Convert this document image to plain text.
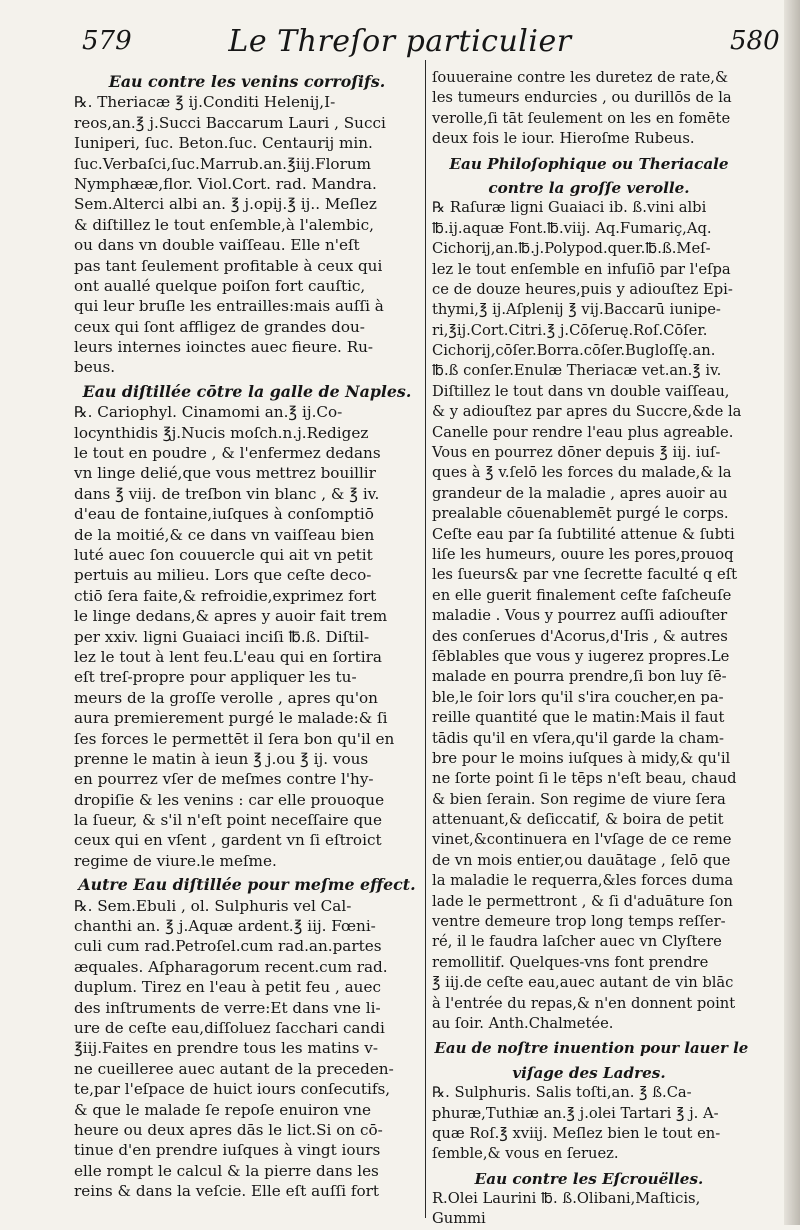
579	Le Threſor particulier	580
Eau contre les venins corroſifs.
℞. Theriacæ ℥ ij.Conditi Helenij,I-
reos,an.℥ j.Succi Baccarum Lauri , Succi
Iuniperi, ſuc. Beton.ſuc. Centaurij min.
ſuc.Verbaſci,ſuc.Marrub.an.℥iij.Florum
Nymphææ,flor. Viol.Cort. rad. Mandra.
Sem.Alterci albi an. ℥ j.opij.℥ ij.. Meſlez
& diſtillez le tout enſemble,à l'alembic,
ou dans vn double vaiſſeau. Elle n'eſt
pas tant ſeulement profitable à ceux qui
ont auallé quelque poiſon fort cauſtic,
qui leur bruſle les entrailles:mais auſſi à
ceux qui ſont affligez de grandes dou-
leurs internes ioinctes auec fieure. Ru-
beus.
Eau diſtillée cōtre la galle de Naples.
℞. Cariophyl. Cinamomi an.℥ ij.Co-
locynthidis ℥j.Nucis moſch.n.j.Redigez
le tout en poudre , & l'enfermez dedans
vn linge delié,que vous mettrez bouillir
dans ℥ viij. de treſbon vin blanc , & ℥ iv.
d'eau de fontaine,iuſques à conſomptiō
de la moitié,& ce dans vn vaiſſeau bien
luté auec ſon couuercle qui ait vn petit
pertuis au milieu. Lors que ceſte deco-
ctiō ſera faite,& refroidie,exprimez fort
le linge dedans,& apres y auoir fait trem
per xxiv. ligni Guaiaci inciſi ℔.ß. Diſtil-
lez le tout à lent feu.L'eau qui en ſortira
eſt treſ-propre pour appliquer les tu-
meurs de la groſſe verolle , apres qu'on
aura premierement purgé le malade:& ſi
ſes forces le permettēt il ſera bon qu'il en
prenne le matin à ieun ℥ j.ou ℥ ij. vous
en pourrez vſer de meſmes contre l'hy-
dropiſie & les venins : car elle prouoque
la ſueur, & s'il n'eſt point neceſſaire que
ceux qui en vſent , gardent vn ſi eſtroict
regime de viure.le meſme.
Autre Eau diſtillée pour meſme effect.
℞. Sem.Ebuli , ol. Sulphuris vel Cal-
chanthi an. ℥ j.Aquæ ardent.℥ iij. Fœni-
culi cum rad.Petroſel.cum rad.an.partes
æquales. Aſpharagorum recent.cum rad.
duplum. Tirez en l'eau à petit feu , auec
des inſtruments de verre:Et dans vne li-
ure de ceſte eau,diſſoluez ſacchari candi
℥iij.Faites en prendre tous les matins v-
ne cueilleree auec autant de la preceden-
te,par l'eſpace de huict iours conſecutifs,
& que le malade ſe repoſe enuiron vne
heure ou deux apres dās le lict.Si on cō-
tinue d'en prendre iuſques à vingt iours
elle rompt le calcul & la pierre dans les
reins & dans la veſcie. Elle eſt auſſi fort
ſouueraine contre les duretez de rate,&
les tumeurs endurcies , ou durillōs de la
verolle,ſi tāt ſeulement on les en fomēte
deux fois le iour. Hieroſme Rubeus.
Eau Philoſophique ou Theriacale
contre la groſſe verolle.
℞ Raſuræ ligni Guaiaci ib. ß.vini albi
℔.ij.aquæ Font.℔.viij. Aq.Fumariç,Aq.
Cichorij,an.℔.j.Polypod.quer.℔.ß.Meſ-
lez le tout enſemble en infuſiō par l'eſpa
ce de douze heures,puis y adiouſtez Epi-
thymi,℥ ij.Aſplenij ℥ vij.Baccarū iunipe-
ri,℥ij.Cort.Citri.℥ j.Cōſeruę.Roſ.Cōſer.
Cichorij,cōſer.Borra.cōſer.Bugloſſę.an.
℔.ß conſer.Enulæ Theriacæ vet.an.℥ iv.
Diſtillez le tout dans vn double vaiſſeau,
& y adiouſtez par apres du Succre,&de la
Canelle pour rendre l'eau plus agreable.
Vous en pourrez dōner depuis ℥ iij. iuſ-
ques à ℥ v.ſelō les forces du malade,& la
grandeur de la maladie , apres auoir au
prealable cōuenablemēt purgé le corps.
Ceſte eau par ſa ſubtilité attenue & ſubti
liſe les humeurs, ouure les pores,prouoq
les ſueurs& par vne ſecrette faculté q eſt
en elle guerit finalement ceſte faſcheuſe
maladie . Vous y pourrez auſſi adiouſter
des conſerues d'Acorus,d'Iris , & autres
ſēblables que vous y iugerez propres.Le
malade en pourra prendre,ſi bon luy ſē-
ble,le ſoir lors qu'il s'ira coucher,en pa-
reille quantité que le matin:Mais il faut
tādis qu'il en vſera,qu'il garde la cham-
bre pour le moins iuſques à midy,& qu'il
ne ſorte point ſi le tēps n'eſt beau, chaud
& bien ſerain. Son regime de viure ſera
attenuant,& deſiccatif, & boira de petit
vinet,&continuera en l'vſage de ce reme
de vn mois entier,ou dauātage , ſelō que
la maladie le requerra,&les forces duma
lade le permettront , & ſi d'aduāture ſon
ventre demeure trop long temps reſſer-
ré, il le faudra laſcher auec vn Clyſtere
remollitif. Quelques-vns font prendre
℥ iij.de ceſte eau,auec autant de vin blāc
à l'entrée du repas,& n'en donnent point
au ſoir. Anth.Chalmetée.
Eau de noſtre inuention pour lauer le
viſage des Ladres.
℞. Sulphuris. Salis toſti,an. ℥ ß.Ca-
phuræ,Tuthiæ an.℥ j.olei Tartari ℥ j. A-
quæ Roſ.℥ xviij. Meſlez bien le tout en-
ſemble,& vous en ſeruez.
Eau contre les Eſcrouëlles.
R.Olei Laurini ℔. ß.Olibani,Maſticis,
Gummi
